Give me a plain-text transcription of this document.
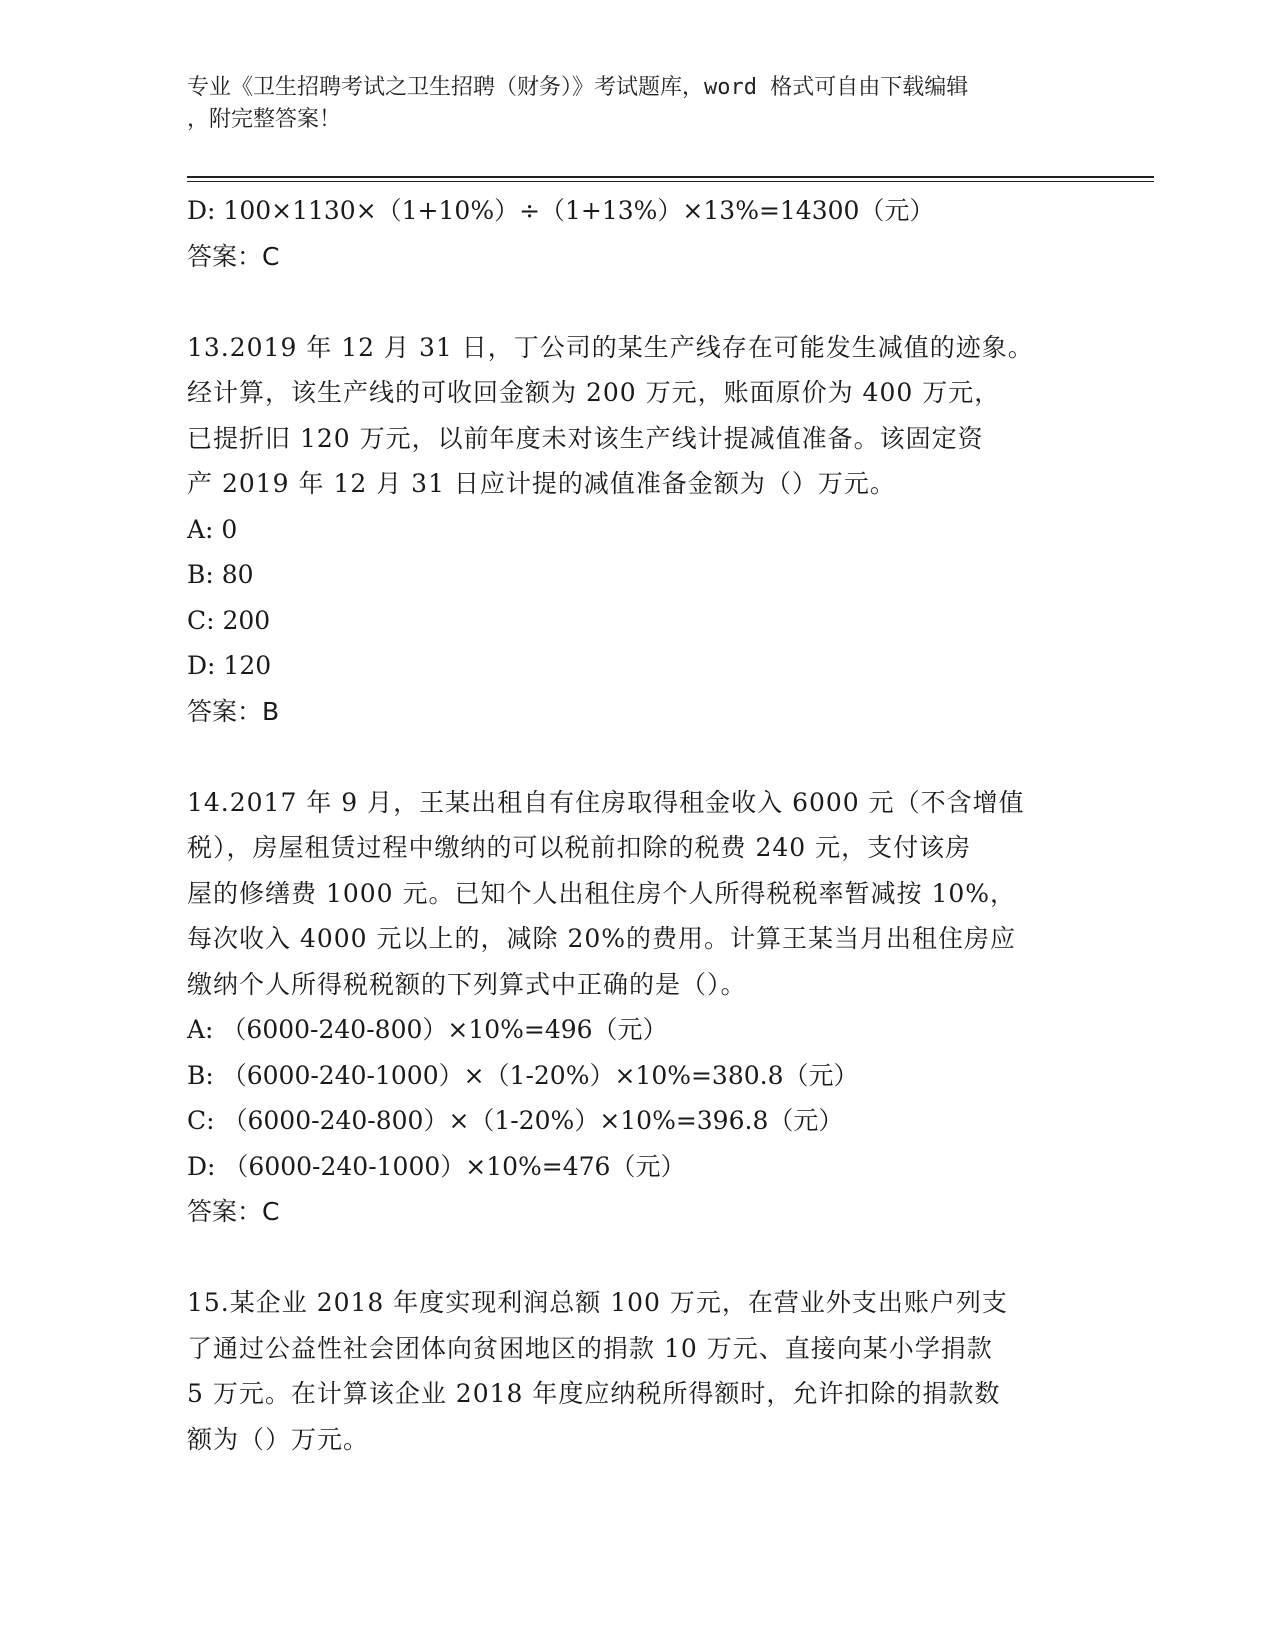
专业《卫生招聘考试之卫生招聘（财务）》考试题库，word 格式可自由下载编辑
，附完整答案！
D: 100×1130×（1+10%）÷（1+13%）×13%=14300（元）
答案：C
13.2019 年 12 月 31 日，丁公司的某生产线存在可能发生减值的迹象。
经计算，该生产线的可收回金额为 200 万元，账面原价为 400 万元，
已提折旧 120 万元，以前年度未对该生产线计提减值准备。该固定资
产 2019 年 12 月 31 日应计提的减值准备金额为（）万元。
A: 0
B: 80
C: 200
D: 120
答案：B
14.2017 年 9 月，王某出租自有住房取得租金收入 6000 元（不含增值
税），房屋租赁过程中缴纳的可以税前扣除的税费 240 元，支付该房
屋的修缮费 1000 元。已知个人出租住房个人所得税税率暂减按 10%，
每次收入 4000 元以上的，减除 20%的费用。计算王某当月出租住房应
缴纳个人所得税税额的下列算式中正确的是（）。
A: （6000-240-800）×10%=496（元）
B: （6000-240-1000）×（1-20%）×10%=380.8（元）
C: （6000-240-800）×（1-20%）×10%=396.8（元）
D: （6000-240-1000）×10%=476（元）
答案：C
15.某企业 2018 年度实现利润总额 100 万元，在营业外支出账户列支
了通过公益性社会团体向贫困地区的捐款 10 万元、直接向某小学捐款
5 万元。在计算该企业 2018 年度应纳税所得额时，允许扣除的捐款数
额为（）万元。
